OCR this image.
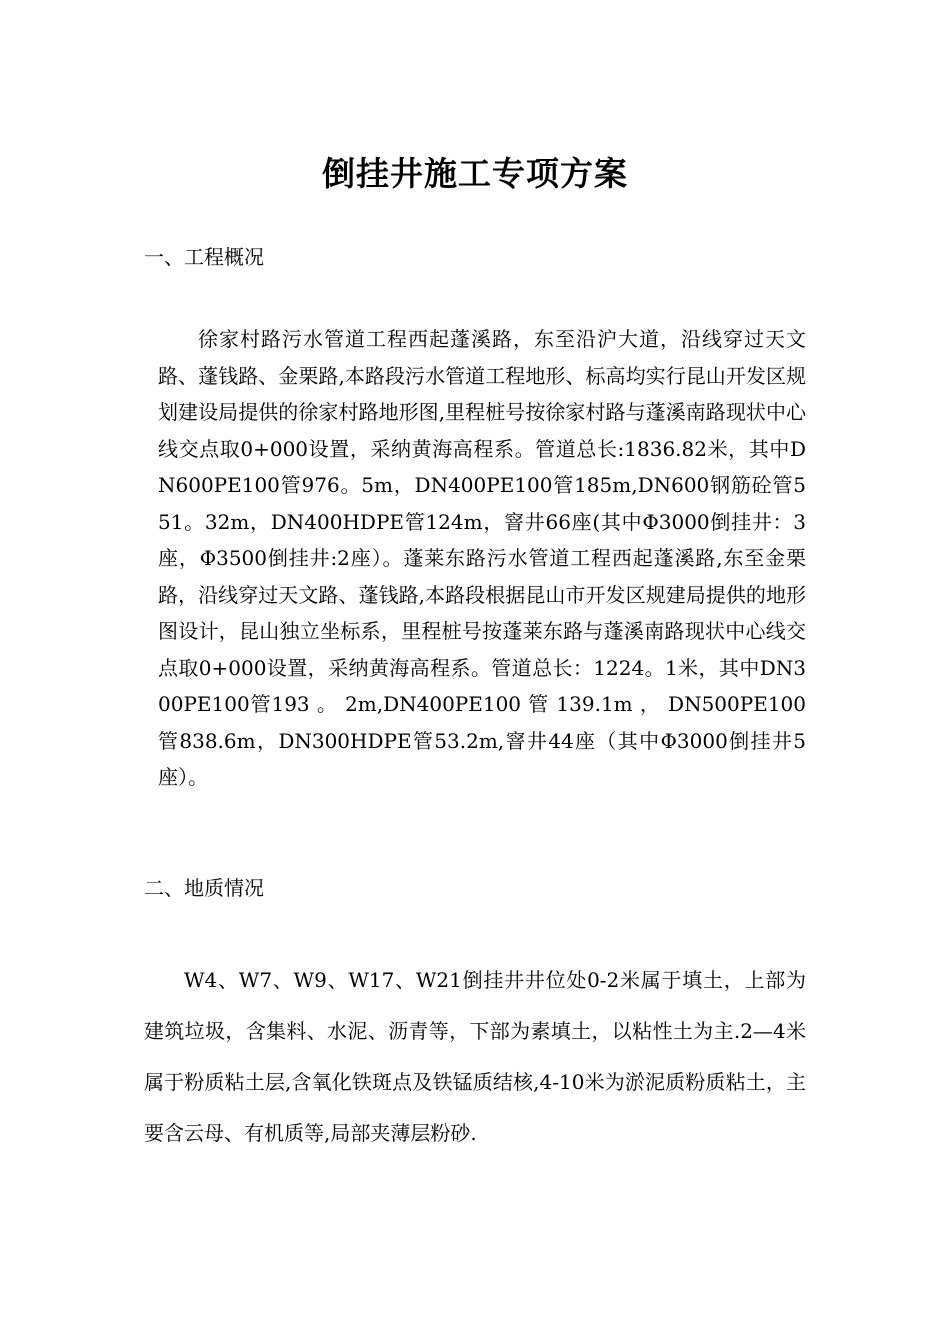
倒挂井施工专项方案
一、工程概况

徐家村路污水管道工程西起蓬溪路，东至沿沪大道，沿线穿过天文路、蓬钱路、金栗路,本路段污水管道工程地形、标高均实行昆山开发区规划建设局提供的徐家村路地形图,里程桩号按徐家村路与蓬溪南路现状中心线交点取0+000设置，采纳黄海高程系。管道总长:1836.82米，其中DN600PE100管976。5m，DN400PE100管185m,DN600钢筋砼管551。32m，DN400HDPE管124m，窨井66座(其中Φ3000倒挂井：3座，Φ3500倒挂井:2座）。蓬莱东路污水管道工程西起蓬溪路,东至金栗路，沿线穿过天文路、蓬钱路,本路段根据昆山市开发区规建局提供的地形图设计，昆山独立坐标系，里程桩号按蓬莱东路与蓬溪南路现状中心线交点取0+000设置，采纳黄海高程系。管道总长：1224。1米，其中DN300PE100管193 。 2m,DN400PE100 管 139.1m ， DN500PE100 管838.6m，DN300HDPE管53.2m,窨井44座（其中Φ3000倒挂井5座）。

二、地质情况

W4、W7、W9、W17、W21倒挂井井位处0-2米属于填土，上部为建筑垃圾，含集料、水泥、沥青等，下部为素填土，以粘性土为主.2—4米属于粉质粘土层,含氧化铁斑点及铁锰质结核,4-10米为淤泥质粉质粘土，主要含云母、有机质等,局部夹薄层粉砂.
